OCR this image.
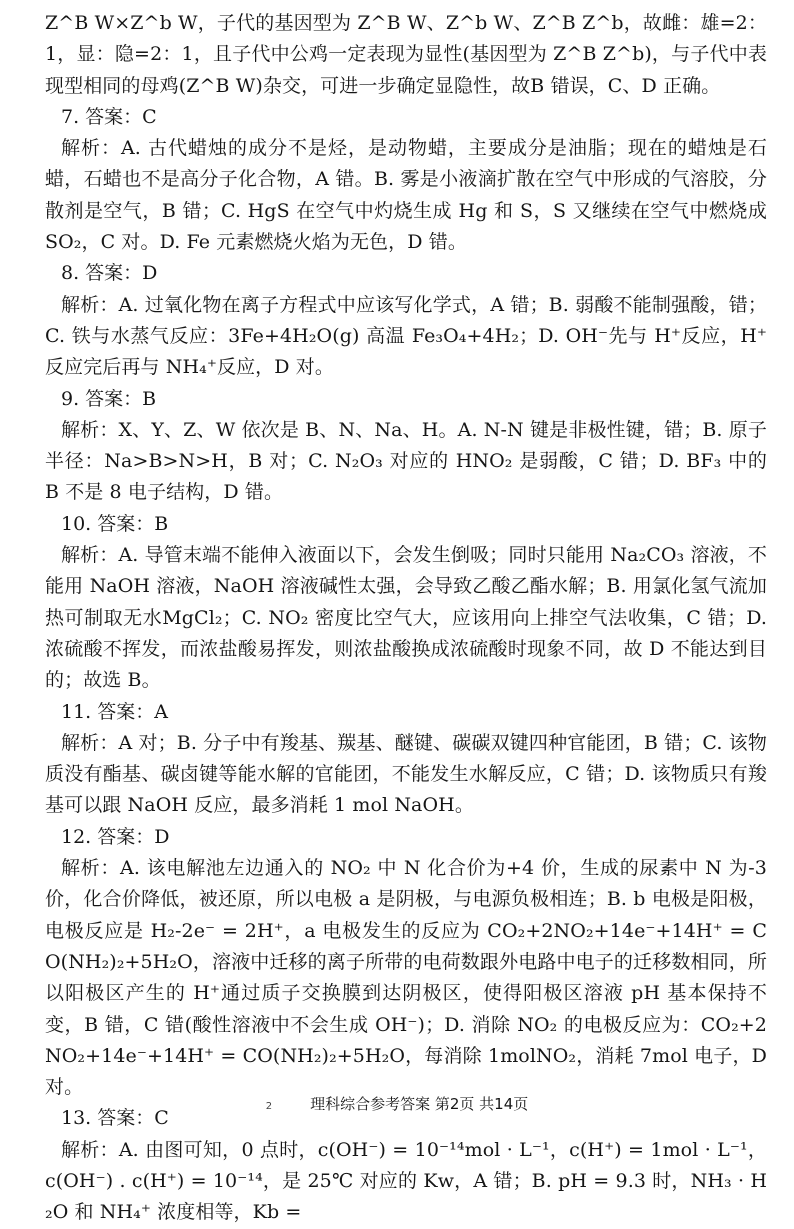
Z^B W×Z^b W，子代的基因型为 Z^B W、Z^b W、Z^B Z^b，故雌：雄=2：1，显：隐=2：1，且子代中公鸡一定表现为显性(基因型为 Z^B Z^b)，与子代中表现型相同的母鸡(Z^B W)杂交，可进一步确定显隐性，故B 错误，C、D 正确。

7. 答案：C

解析：A. 古代蜡烛的成分不是烃，是动物蜡，主要成分是油脂；现在的蜡烛是石蜡，石蜡也不是高分子化合物，A 错。B. 雾是小液滴扩散在空气中形成的气溶胶，分散剂是空气，B 错；C. HgS 在空气中灼烧生成 Hg 和 S，S 又继续在空气中燃烧成 SO₂，C 对。D. Fe 元素燃烧火焰为无色，D 错。

8. 答案：D

解析：A. 过氧化物在离子方程式中应该写化学式，A 错；B. 弱酸不能制强酸，错；C. 铁与水蒸气反应：3Fe+4H₂O(g) 高温 Fe₃O₄+4H₂；D. OH⁻先与 H⁺反应，H⁺反应完后再与 NH₄⁺反应，D 对。

9. 答案：B

解析：X、Y、Z、W 依次是 B、N、Na、H。A. N-N 键是非极性键，错；B. 原子半径：Na>B>N>H，B 对；C. N₂O₃ 对应的 HNO₂ 是弱酸，C 错；D. BF₃ 中的 B 不是 8 电子结构，D 错。

10. 答案：B

解析：A. 导管末端不能伸入液面以下，会发生倒吸；同时只能用 Na₂CO₃ 溶液，不能用 NaOH 溶液，NaOH 溶液碱性太强，会导致乙酸乙酯水解；B. 用氯化氢气流加热可制取无水MgCl₂；C. NO₂ 密度比空气大，应该用向上排空气法收集，C 错；D. 浓硫酸不挥发，而浓盐酸易挥发，则浓盐酸换成浓硫酸时现象不同，故 D 不能达到目的；故选 B。

11. 答案：A

解析：A 对；B. 分子中有羧基、羰基、醚键、碳碳双键四种官能团，B 错；C. 该物质没有酯基、碳卤键等能水解的官能团，不能发生水解反应，C 错；D. 该物质只有羧基可以跟 NaOH 反应，最多消耗 1 mol NaOH。

12. 答案：D

解析：A. 该电解池左边通入的 NO₂ 中 N 化合价为+4 价，生成的尿素中 N 为-3 价，化合价降低，被还原，所以电极 a 是阴极，与电源负极相连；B. b 电极是阳极，电极反应是 H₂-2e⁻ = 2H⁺，a 电极发生的反应为 CO₂+2NO₂+14e⁻+14H⁺ = CO(NH₂)₂+5H₂O，溶液中迁移的离子所带的电荷数跟外电路中电子的迁移数相同，所以阳极区产生的 H⁺通过质子交换膜到达阴极区，使得阳极区溶液 pH 基本保持不变，B 错，C 错(酸性溶液中不会生成 OH⁻)；D. 消除 NO₂ 的电极反应为：CO₂+2NO₂+14e⁻+14H⁺ = CO(NH₂)₂+5H₂O，每消除 1molNO₂，消耗 7mol 电子，D 对。

13. 答案：C

解析：A. 由图可知，0 点时，c(OH⁻) = 10⁻¹⁴mol · L⁻¹，c(H⁺) = 1mol · L⁻¹，c(OH⁻) . c(H⁺) = 10⁻¹⁴，是 25℃ 对应的 Kw，A 错；B. pH = 9.3 时，NH₃ · H₂O 和 NH₄⁺ 浓度相等，Kb =

2	理科综合参考答案 第2页 共14页
